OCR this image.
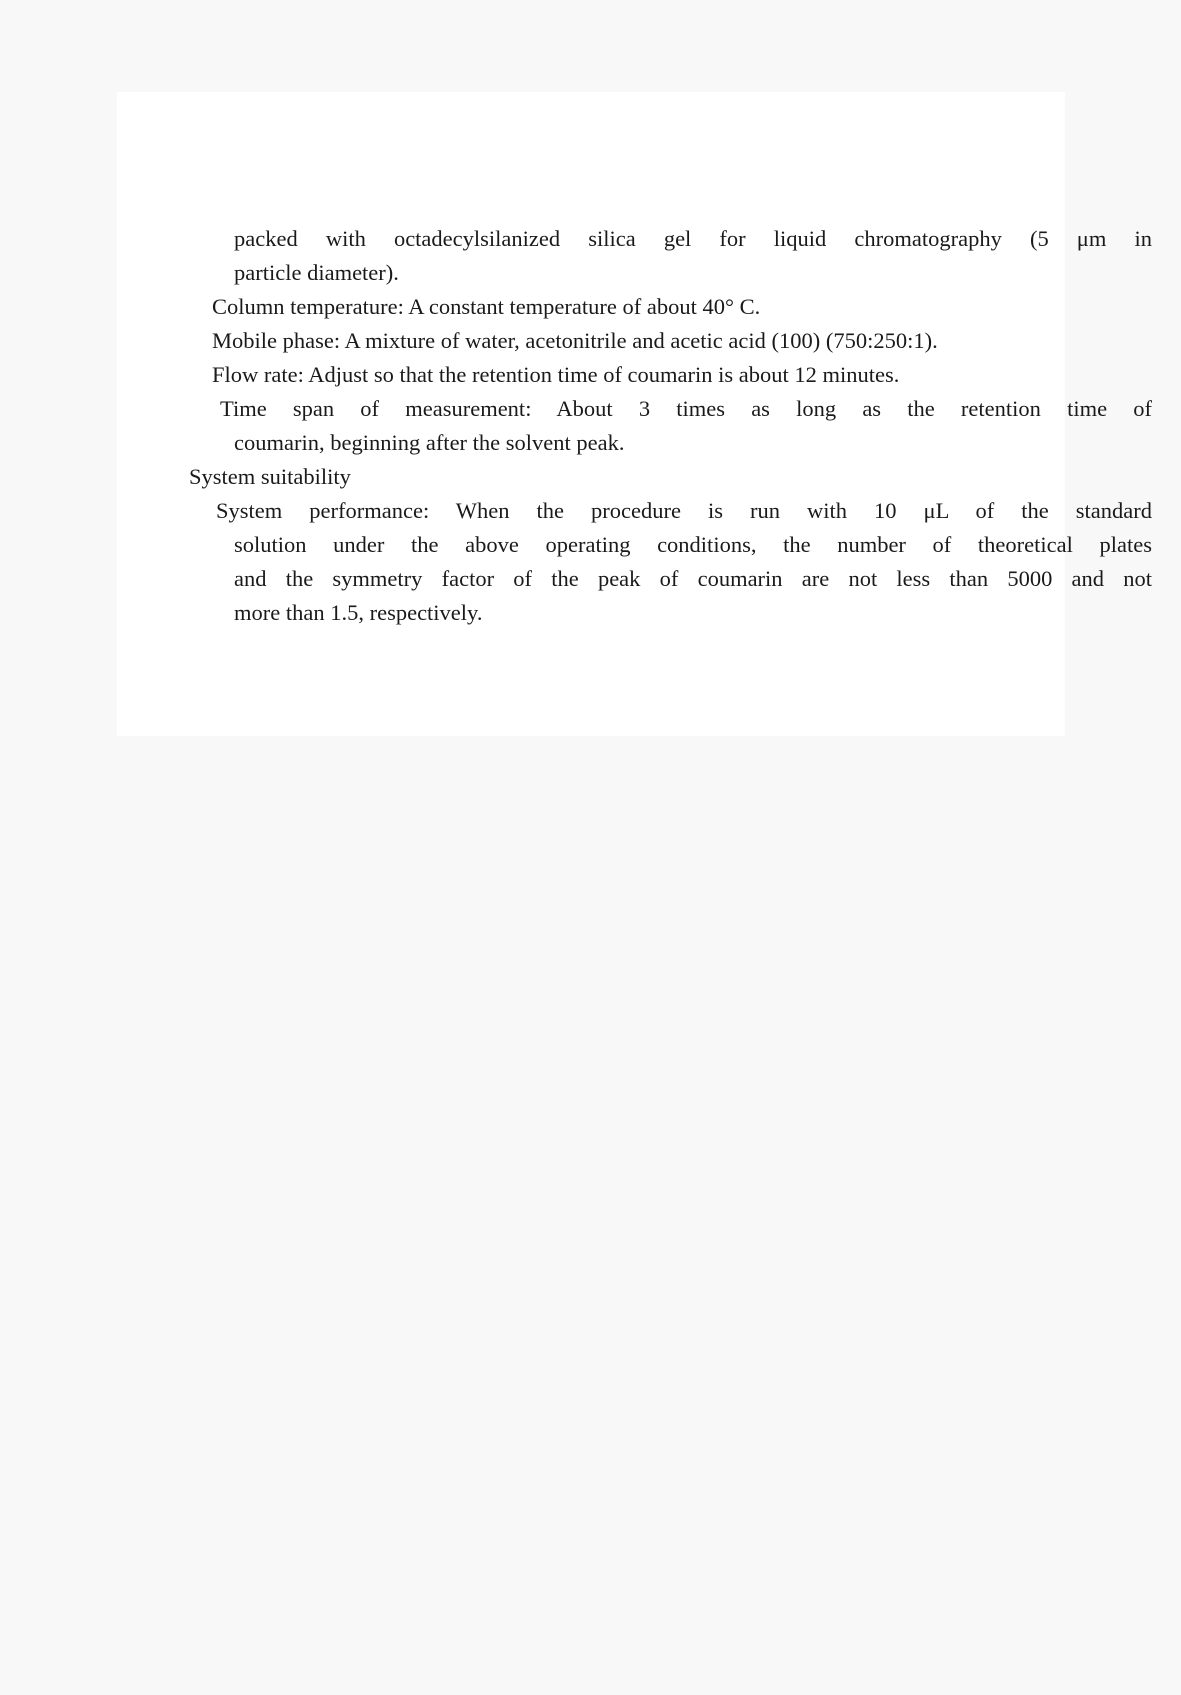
packed with octadecylsilanized silica gel for liquid chromatography (5 μm in
particle diameter).
Column temperature: A constant temperature of about 40° C.
Mobile phase: A mixture of water, acetonitrile and acetic acid (100) (750:250:1).
Flow rate: Adjust so that the retention time of coumarin is about 12 minutes.
Time span of measurement: About 3 times as long as the retention time of
coumarin, beginning after the solvent peak.
System suitability
System performance: When the procedure is run with 10 μL of the standard
solution under the above operating conditions, the number of theoretical plates
and the symmetry factor of the peak of coumarin are not less than 5000 and not
more than 1.5, respectively.
